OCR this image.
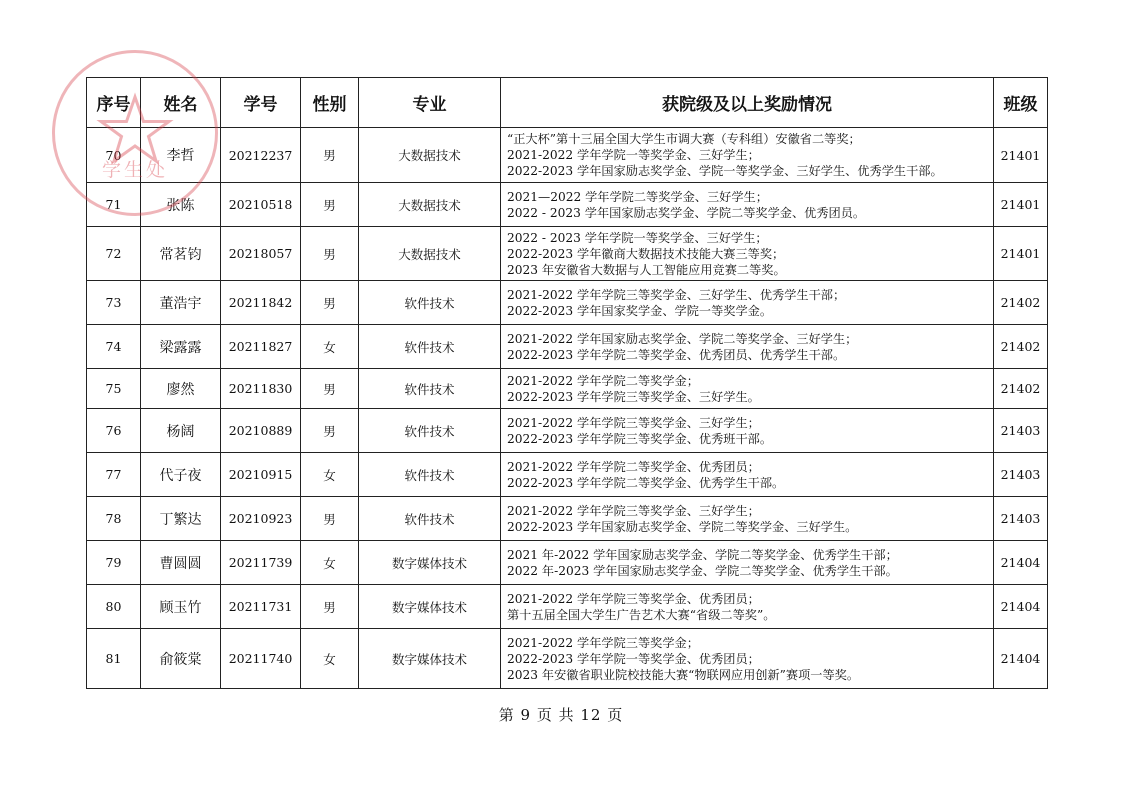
学生处
序号	姓名	学号	性别	专业	获院级及以上奖励情况	班级
70	李哲	20212237	男	大数据技术	“正大杯”第十三届全国大学生市调大赛（专科组）安徽省二等奖；
2021-2022 学年学院一等奖学金、三好学生；
2022-2023 学年国家励志奖学金、学院一等奖学金、三好学生、优秀学生干部。	21401
71	张陈	20210518	男	大数据技术	2021—2022 学年学院二等奖学金、三好学生；
2022 - 2023 学年国家励志奖学金、学院二等奖学金、优秀团员。	21401
72	常茗钧	20218057	男	大数据技术	2022 - 2023 学年学院一等奖学金、三好学生；
2022-2023 学年徽商大数据技术技能大赛三等奖；
2023 年安徽省大数据与人工智能应用竞赛二等奖。	21401
73	董浩宇	20211842	男	软件技术	2021-2022 学年学院三等奖学金、三好学生、优秀学生干部；
2022-2023 学年国家奖学金、学院一等奖学金。	21402
74	梁露露	20211827	女	软件技术	2021-2022 学年国家励志奖学金、学院二等奖学金、三好学生；
2022-2023 学年学院二等奖学金、优秀团员、优秀学生干部。	21402
75	廖然	20211830	男	软件技术	2021-2022 学年学院二等奖学金；
2022-2023 学年学院三等奖学金、三好学生。	21402
76	杨阔	20210889	男	软件技术	2021-2022 学年学院三等奖学金、三好学生；
2022-2023 学年学院三等奖学金、优秀班干部。	21403
77	代子夜	20210915	女	软件技术	2021-2022 学年学院二等奖学金、优秀团员；
2022-2023 学年学院二等奖学金、优秀学生干部。	21403
78	丁繁达	20210923	男	软件技术	2021-2022 学年学院三等奖学金、三好学生；
2022-2023 学年国家励志奖学金、学院二等奖学金、三好学生。	21403
79	曹圆圆	20211739	女	数字媒体技术	2021 年-2022 学年国家励志奖学金、学院二等奖学金、优秀学生干部；
2022 年-2023 学年国家励志奖学金、学院二等奖学金、优秀学生干部。	21404
80	顾玉竹	20211731	男	数字媒体技术	2021-2022 学年学院三等奖学金、优秀团员；
第十五届全国大学生广告艺术大赛“省级二等奖”。	21404
81	俞筱棠	20211740	女	数字媒体技术	2021-2022 学年学院三等奖学金；
2022-2023 学年学院一等奖学金、优秀团员；
2023 年安徽省职业院校技能大赛“物联网应用创新”赛项一等奖。	21404
第 9 页 共 12 页
